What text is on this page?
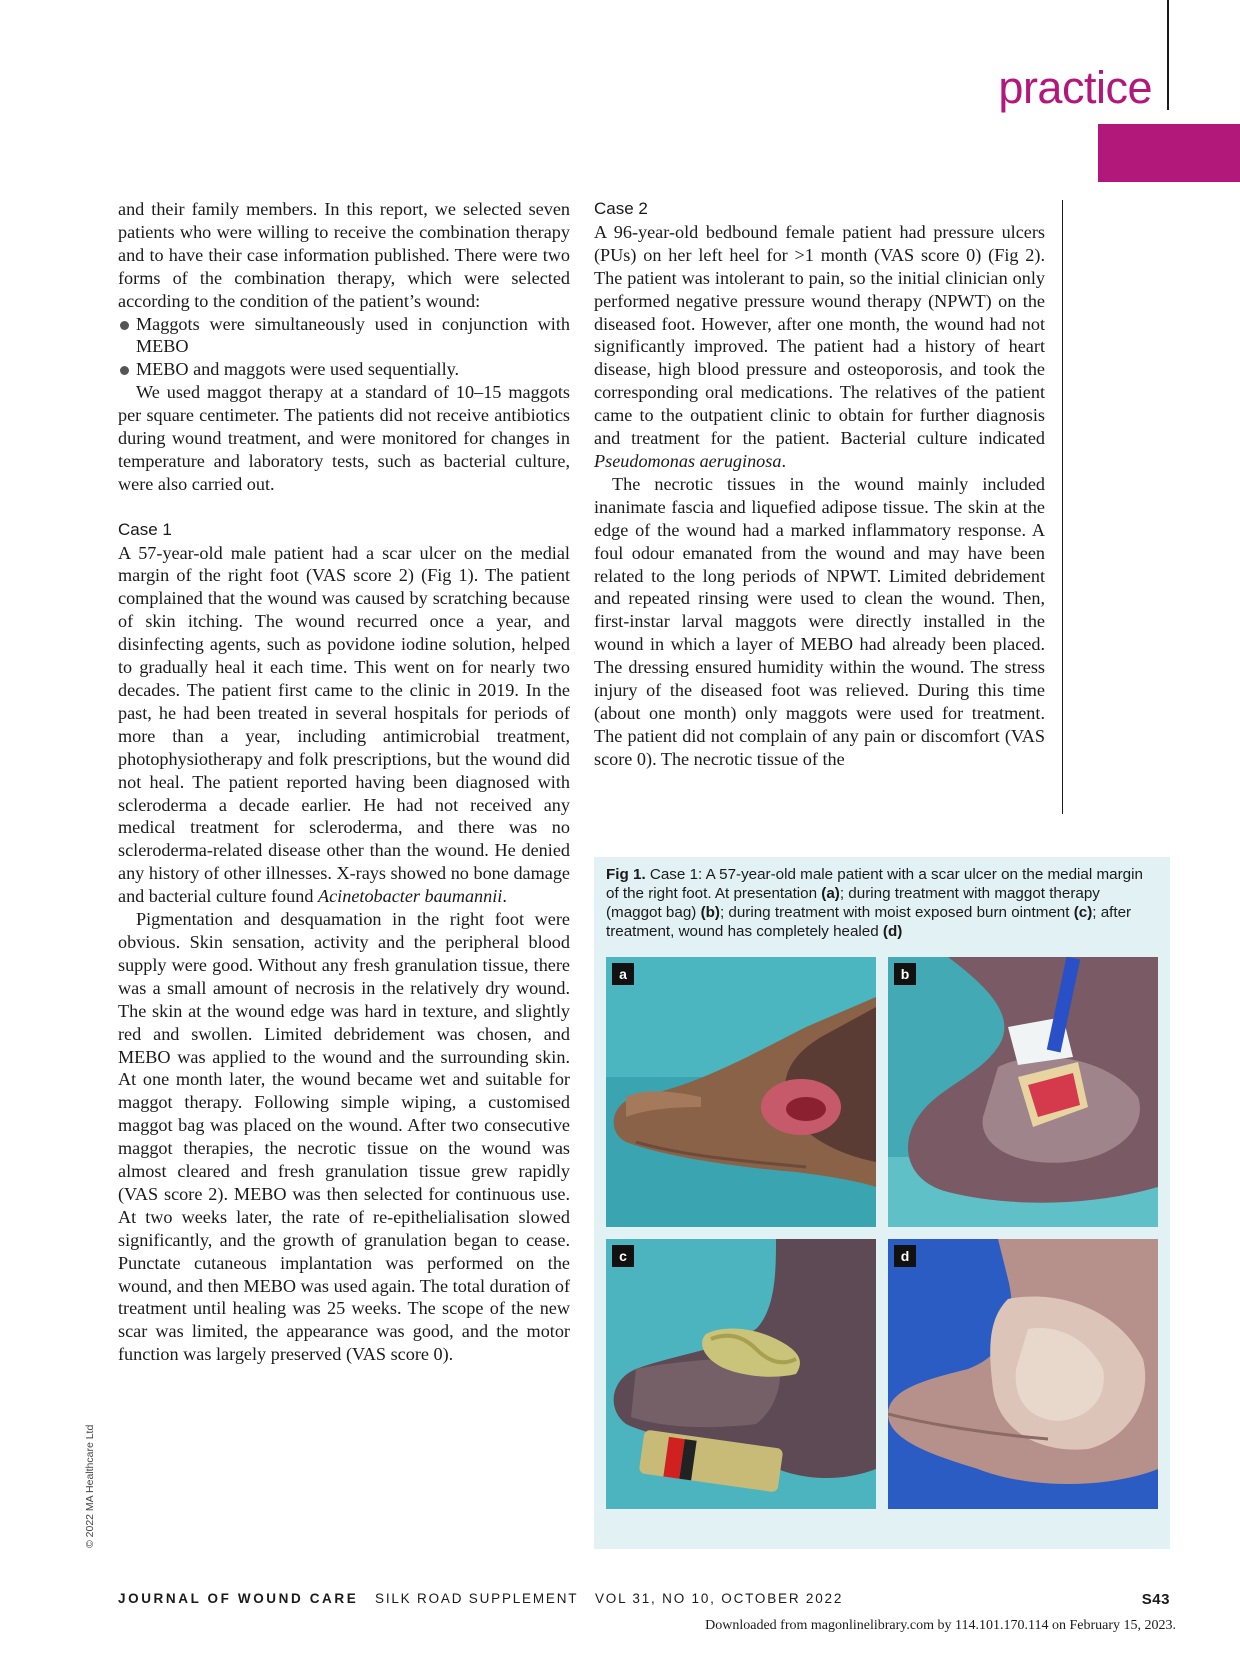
practice

and their family members. In this report, we selected seven patients who were willing to receive the combination therapy and to have their case information published. There were two forms of the combination therapy, which were selected according to the condition of the patient’s wound:

Maggots were simultaneously used in conjunction with MEBO
MEBO and maggots were used sequentially.

We used maggot therapy at a standard of 10–15 maggots per square centimeter. The patients did not receive antibiotics during wound treatment, and were monitored for changes in temperature and laboratory tests, such as bacterial culture, were also carried out.

Case 1

A 57-year-old male patient had a scar ulcer on the medial margin of the right foot (VAS score 2) (Fig 1). The patient complained that the wound was caused by scratching because of skin itching. The wound recurred once a year, and disinfecting agents, such as povidone iodine solution, helped to gradually heal it each time. This went on for nearly two decades. The patient first came to the clinic in 2019. In the past, he had been treated in several hospitals for periods of more than a year, including antimicrobial treatment, photophysiotherapy and folk prescriptions, but the wound did not heal. The patient reported having been diagnosed with scleroderma a decade earlier. He had not received any medical treatment for scleroderma, and there was no scleroderma-related disease other than the wound. He denied any history of other illnesses. X-rays showed no bone damage and bacterial culture found Acinetobacter baumannii.

Pigmentation and desquamation in the right foot were obvious. Skin sensation, activity and the peripheral blood supply were good. Without any fresh granulation tissue, there was a small amount of necrosis in the relatively dry wound. The skin at the wound edge was hard in texture, and slightly red and swollen. Limited debridement was chosen, and MEBO was applied to the wound and the surrounding skin. At one month later, the wound became wet and suitable for maggot therapy. Following simple wiping, a customised maggot bag was placed on the wound. After two consecutive maggot therapies, the necrotic tissue on the wound was almost cleared and fresh granulation tissue grew rapidly (VAS score 2). MEBO was then selected for continuous use. At two weeks later, the rate of re-epithelialisation slowed significantly, and the growth of granulation began to cease. Punctate cutaneous implantation was performed on the wound, and then MEBO was used again. The total duration of treatment until healing was 25 weeks. The scope of the new scar was limited, the appearance was good, and the motor function was largely preserved (VAS score 0).

Case 2

A 96-year-old bedbound female patient had pressure ulcers (PUs) on her left heel for >1 month (VAS score 0) (Fig 2). The patient was intolerant to pain, so the initial clinician only performed negative pressure wound therapy (NPWT) on the diseased foot. However, after one month, the wound had not significantly improved. The patient had a history of heart disease, high blood pressure and osteoporosis, and took the corresponding oral medications. The relatives of the patient came to the outpatient clinic to obtain for further diagnosis and treatment for the patient. Bacterial culture indicated Pseudomonas aeruginosa.

The necrotic tissues in the wound mainly included inanimate fascia and liquefied adipose tissue. The skin at the edge of the wound had a marked inflammatory response. A foul odour emanated from the wound and may have been related to the long periods of NPWT. Limited debridement and repeated rinsing were used to clean the wound. Then, first-instar larval maggots were directly installed in the wound in which a layer of MEBO had already been placed. The dressing ensured humidity within the wound. The stress injury of the diseased foot was relieved. During this time (about one month) only maggots were used for treatment. The patient did not complain of any pain or discomfort (VAS score 0). The necrotic tissue of the

Fig 1. Case 1: A 57-year-old male patient with a scar ulcer on the medial margin of the right foot. At presentation (a); during treatment with maggot therapy (maggot bag) (b); during treatment with moist exposed burn ointment (c); after treatment, wound has completely healed (d)
a	b
c	d
© 2022 MA Healthcare Ltd
JOURNAL OF WOUND CARE SILK ROAD SUPPLEMENT VOL 31, NO 10, OCTOBER 2022	S43
Downloaded from magonlinelibrary.com by 114.101.170.114 on February 15, 2023.
